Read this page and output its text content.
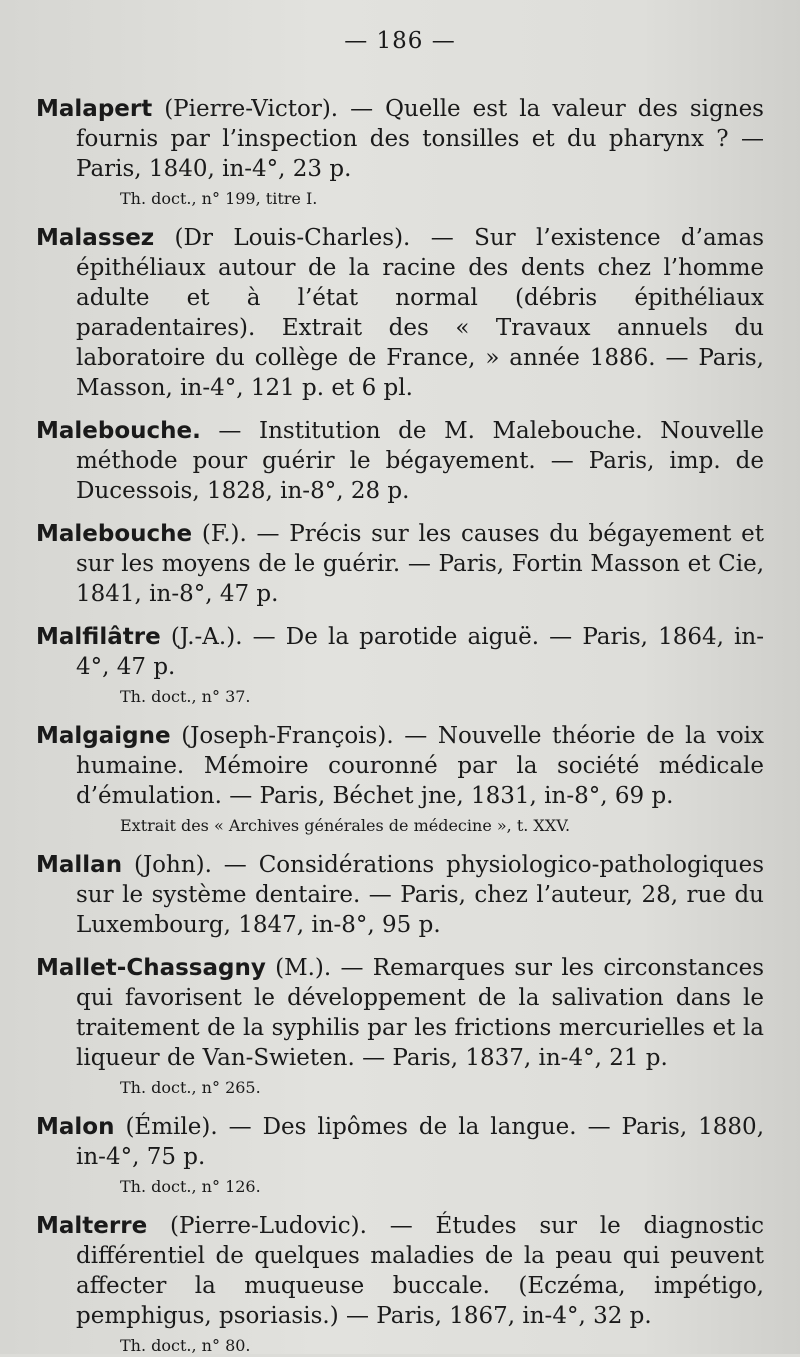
— 186 —

Malapert (Pierre-Victor). — Quelle est la valeur des signes fournis par l’inspection des tonsilles et du pharynx ? — Paris, 1840, in-4°, 23 p.

Th. doct., n° 199, titre I.

Malassez (Dr Louis-Charles). — Sur l’existence d’amas épithéliaux autour de la racine des dents chez l’homme adulte et à l’état normal (débris épithéliaux paradentaires). Extrait des « Travaux annuels du laboratoire du collège de France, » année 1886. — Paris, Masson, in-4°, 121 p. et 6 pl.

Malebouche. — Institution de M. Malebouche. Nouvelle méthode pour guérir le bégayement. — Paris, imp. de Ducessois, 1828, in-8°, 28 p.

Malebouche (F.). — Précis sur les causes du bégayement et sur les moyens de le guérir. — Paris, Fortin Masson et Cie, 1841, in-8°, 47 p.

Malfilâtre (J.-A.). — De la parotide aiguë. — Paris, 1864, in-4°, 47 p.

Th. doct., n° 37.

Malgaigne (Joseph-François). — Nouvelle théorie de la voix humaine. Mémoire couronné par la société médicale d’émulation. — Paris, Béchet jne, 1831, in-8°, 69 p.

Extrait des « Archives générales de médecine », t. XXV.

Mallan (John). — Considérations physiologico-pathologiques sur le système dentaire. — Paris, chez l’auteur, 28, rue du Luxembourg, 1847, in-8°, 95 p.

Mallet-Chassagny (M.). — Remarques sur les circonstances qui favorisent le développement de la salivation dans le traitement de la syphilis par les frictions mercurielles et la liqueur de Van-Swieten. — Paris, 1837, in-4°, 21 p.

Th. doct., n° 265.

Malon (Émile). — Des lipômes de la langue. — Paris, 1880, in-4°, 75 p.

Th. doct., n° 126.

Malterre (Pierre-Ludovic). — Études sur le diagnostic différentiel de quelques maladies de la peau qui peuvent affecter la muqueuse buccale. (Eczéma, impétigo, pemphigus, psoriasis.) — Paris, 1867, in-4°, 32 p.

Th. doct., n° 80.
